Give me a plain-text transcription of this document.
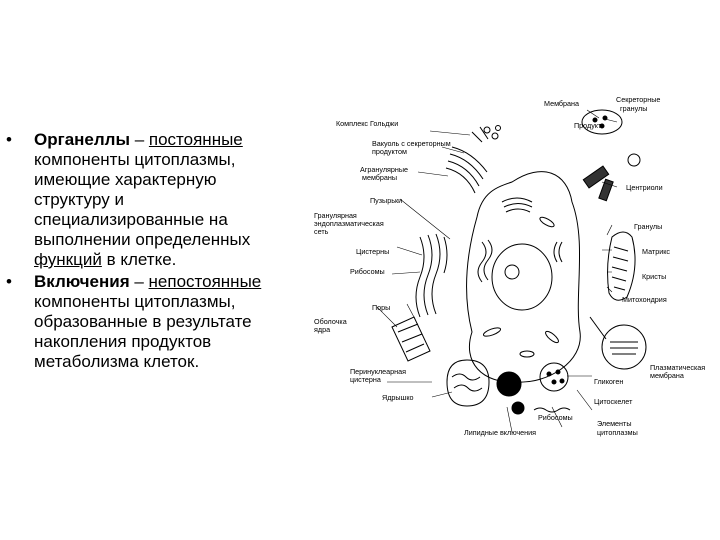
• Органеллы – постоянные
компоненты цитоплазмы,
имеющие характерную
структуру и
специализированные на
выполнении определенных
функций в клетке.
• Включения – непостоянные
компоненты цитоплазмы,
образованные в результате
накопления продуктов
метаболизма клеток.
Мембрана	Секреторные
гранулы
Продукт
Комплекс Гольджи
Вакуоль с секреторным
продуктом
Агранулярные
мембраны
Центриоли
Пузырьки
Гранулярная
эндоплазматическая
сеть
Гранулы
Цистерны	Матрикс
Рибосомы
Кристы
Митохондрия
Поры
Оболочка
ядра
Плазматическая
мембрана
Перинуклеарная
цистерна	Гликоген
Ядрышко	Цитоскелет
Рибосомы
Липидные включения
Элементы
цитоплазмы
